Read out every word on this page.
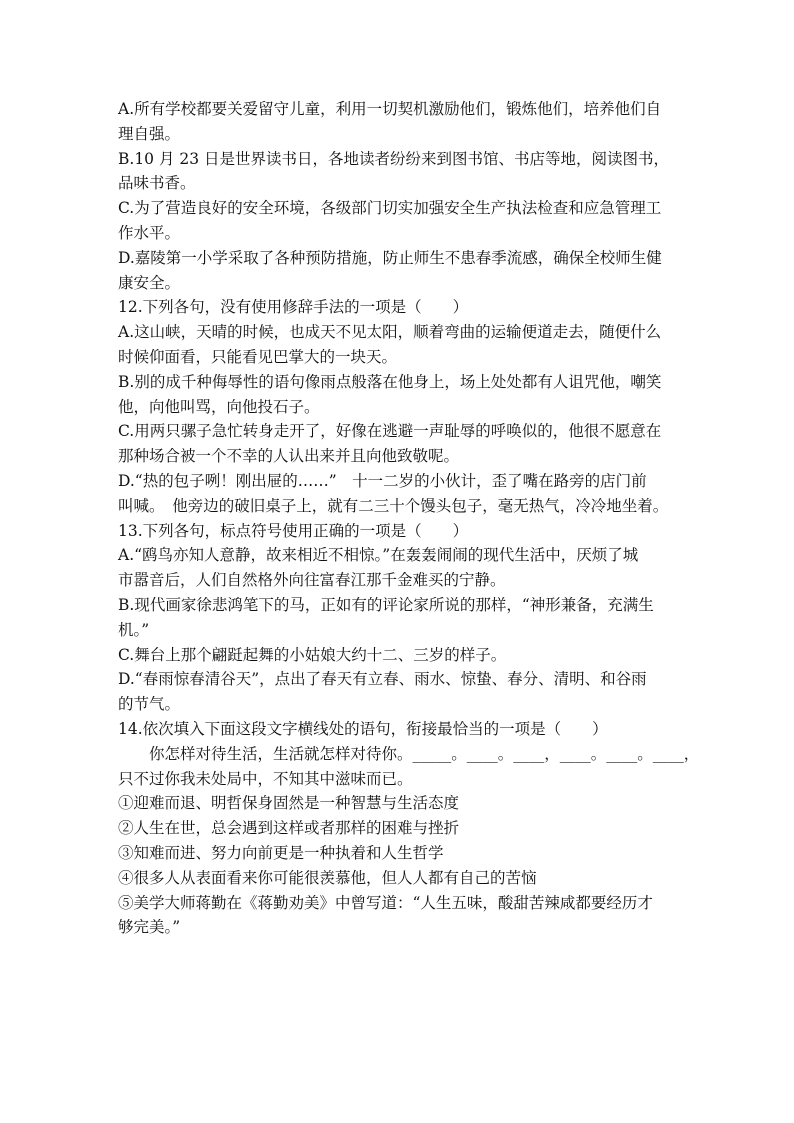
A.所有学校都要关爱留守儿童，利用一切契机激励他们，锻炼他们，培养他们自
理自强。
B.10 月 23 日是世界读书日，各地读者纷纷来到图书馆、书店等地，阅读图书，
品味书香。
C.为了营造良好的安全环境，各级部门切实加强安全生产执法检查和应急管理工
作水平。
D.嘉陵第一小学采取了各种预防措施，防止师生不患春季流感，确保全校师生健
康安全。
12.下列各句，没有使用修辞手法的一项是（　　）
A.这山峡，天晴的时候，也成天不见太阳，顺着弯曲的运输便道走去，随便什么
时候仰面看，只能看见巴掌大的一块天。
B.别的成千种侮辱性的语句像雨点般落在他身上，场上处处都有人诅咒他，嘲笑
他，向他叫骂，向他投石子。
C.用两只骡子急忙转身走开了，好像在逃避一声耻辱的呼唤似的，他很不愿意在
那种场合被一个不幸的人认出来并且向他致敬呢。
D.“热的包子咧！刚出屉的……”　十一二岁的小伙计，歪了嘴在路旁的店门前
叫喊。　他旁边的破旧桌子上，就有二三十个馒头包子，毫无热气，冷冷地坐着。
13.下列各句，标点符号使用正确的一项是（　　）
A.“鸥鸟亦知人意静，故来相近不相惊。”在轰轰闹闹的现代生活中，厌烦了城
市嚣音后，人们自然格外向往富春江那千金难买的宁静。
B.现代画家徐悲鸿笔下的马，正如有的评论家所说的那样，“神形兼备，充满生
机。”
C.舞台上那个翩跹起舞的小姑娘大约十二、三岁的样子。
D.“春雨惊春清谷天”，点出了春天有立春、雨水、惊蛰、春分、清明、和谷雨
的节气。
14.依次填入下面这段文字横线处的语句，衔接最恰当的一项是（　　）
你怎样对待生活，生活就怎样对待你。_____。____。____，____。____。____，
只不过你我未处局中，不知其中滋味而已。
①迎难而退、明哲保身固然是一种智慧与生活态度
②人生在世，总会遇到这样或者那样的困难与挫折
③知难而进、努力向前更是一种执着和人生哲学
④很多人从表面看来你可能很羡慕他，但人人都有自己的苦恼
⑤美学大师蒋勤在《蒋勤劝美》中曾写道：“人生五味，酸甜苦辣咸都要经历才
够完美。”
